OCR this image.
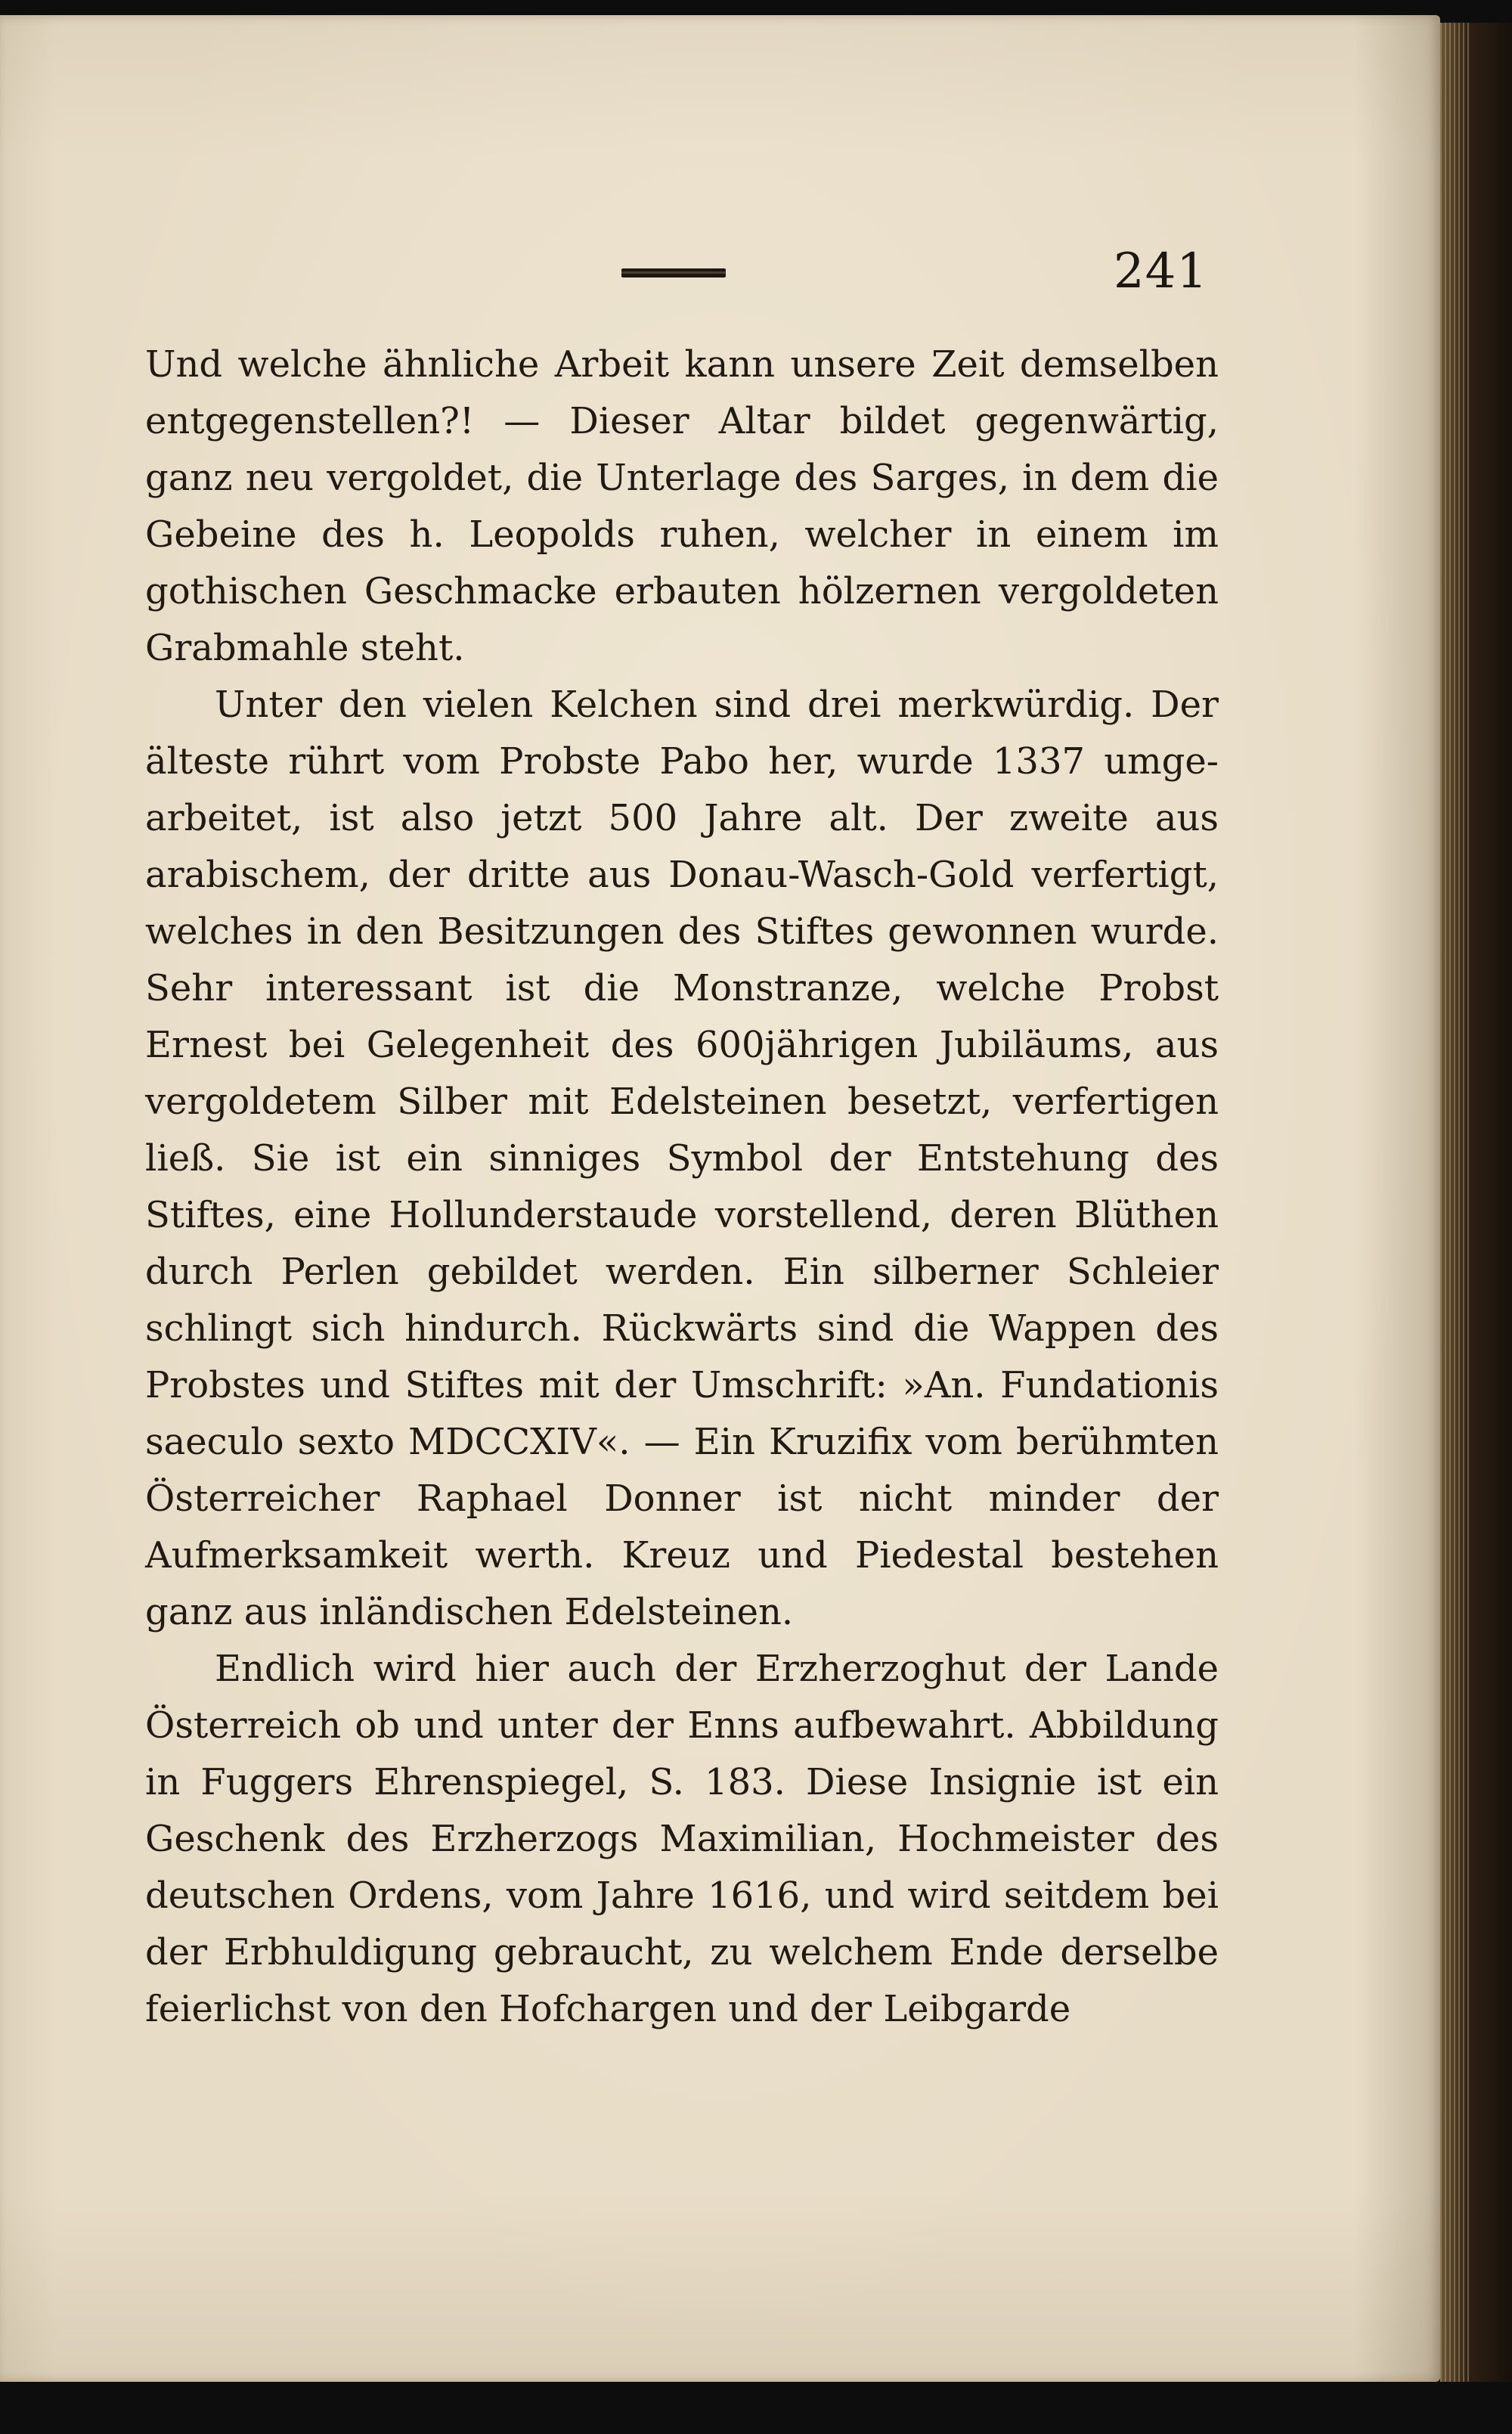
241

Und welche ähnliche Arbeit kann unsere Zeit demselben entgegenstellen?! — Dieser Altar bildet gegenwärtig, ganz neu vergoldet, die Unterlage des Sarges, in dem die Gebeine des h. Leopolds ruhen, welcher in einem im gothischen Geschmacke erbauten hölzernen vergoldeten Grabmahle steht.

Unter den vielen Kelchen sind drei merkwürdig. Der älteste rührt vom Probste Pabo her, wurde 1337 umgearbeitet, ist also jetzt 500 Jahre alt. Der zweite aus arabischem, der dritte aus Donau-Wasch-Gold verfertigt, welches in den Besitzungen des Stiftes gewonnen wurde. Sehr interessant ist die Monstranze, welche Probst Ernest bei Gelegenheit des 600jährigen Jubiläums, aus vergoldetem Silber mit Edelsteinen besetzt, verfertigen ließ. Sie ist ein sinniges Symbol der Entstehung des Stiftes, eine Hollunderstaude vorstellend, deren Blüthen durch Perlen gebildet werden. Ein silberner Schleier schlingt sich hindurch. Rückwärts sind die Wappen des Probstes und Stiftes mit der Umschrift: »An. Fundationis saeculo sexto MDCCXIV«. — Ein Kruzifix vom berühmten Österreicher Raphael Donner ist nicht minder der Aufmerksamkeit werth. Kreuz und Piedestal bestehen ganz aus inländischen Edelsteinen.

Endlich wird hier auch der Erzherzoghut der Lande Österreich ob und unter der Enns aufbewahrt. Abbildung in Fuggers Ehrenspiegel, S. 183. Diese Insignie ist ein Geschenk des Erzherzogs Maximilian, Hochmeister des deutschen Ordens, vom Jahre 1616, und wird seitdem bei der Erbhuldigung gebraucht, zu welchem Ende derselbe feierlichst von den Hofchargen und der Leibgarde
